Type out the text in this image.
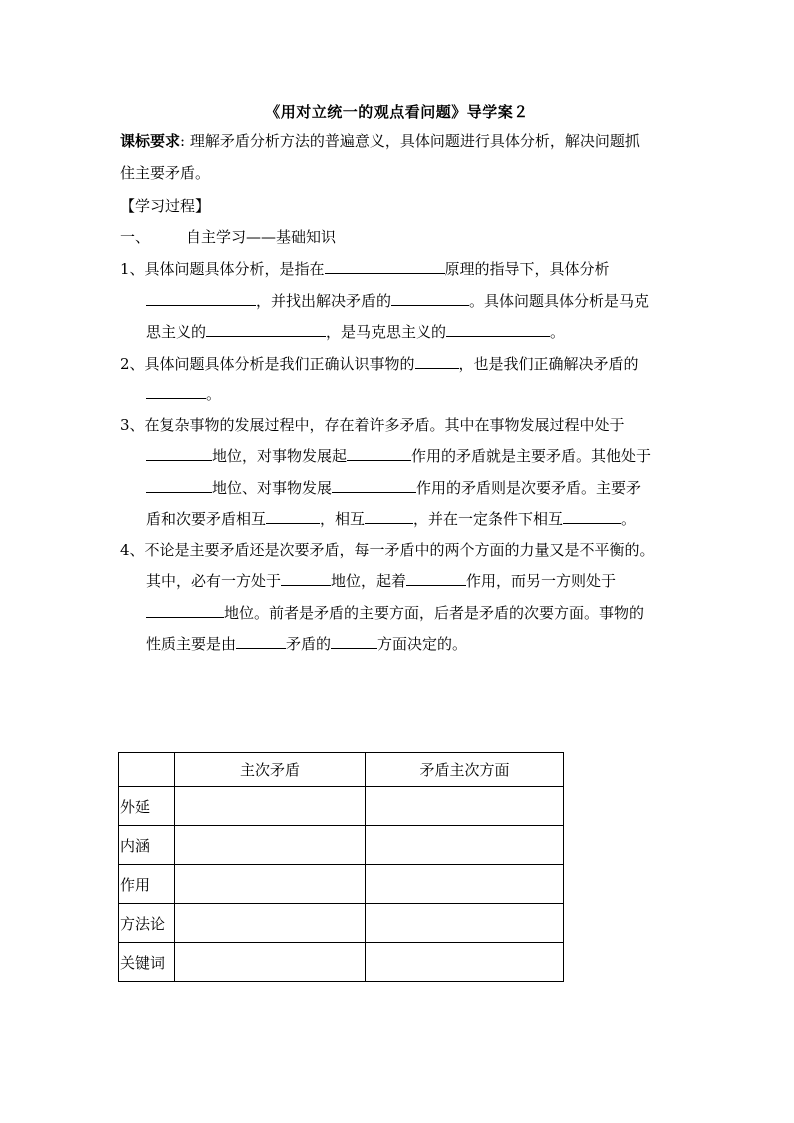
《用对立统一的观点看问题》导学案２
课标要求: 理解矛盾分析方法的普遍意义，具体问题进行具体分析，解决问题抓
住主要矛盾。
【学习过程】
一、 自主学习——基础知识
1、具体问题具体分析，是指在	原理的指导下，具体分析
，并找出解决矛盾的	。具体问题具体分析是马克
思主义的	，是马克思主义的	。
2、具体问题具体分析是我们正确认识事物的	，也是我们正确解决矛盾的
。
3、在复杂事物的发展过程中，存在着许多矛盾。其中在事物发展过程中处于
地位，对事物发展起	作用的矛盾就是主要矛盾。其他处于
地位、对事物发展	作用的矛盾则是次要矛盾。主要矛
盾和次要矛盾相互	，相互	，并在一定条件下相互	。
4、不论是主要矛盾还是次要矛盾，每一矛盾中的两个方面的力量又是不平衡的。
其中，必有一方处于	地位，起着	作用，而另一方则处于
地位。前者是矛盾的主要方面，后者是矛盾的次要方面。事物的
性质主要是由	矛盾的	方面决定的。
	主次矛盾	矛盾主次方面
外延		
内涵		
作用		
方法论		
关键词		
